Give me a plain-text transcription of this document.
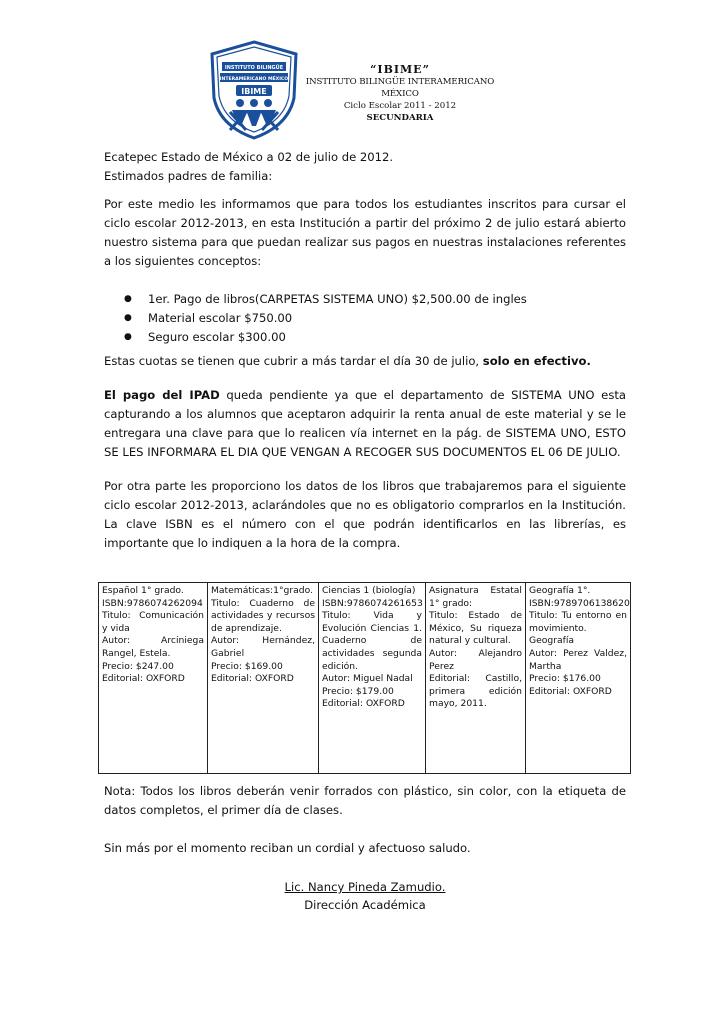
INSTITUTO BILINGÜE
INTERAMERICANO MÉXICO
IBIME
“IBIME”
INSTITUTO BILINGÜE INTERAMERICANO MÉXICO
Ciclo Escolar 2011 - 2012
SECUNDARIA
Ecatepec Estado de México a 02 de julio de 2012.
Estimados padres de familia:

Por este medio les informamos que para todos los estudiantes inscritos para cursar el ciclo escolar 2012-2013, en esta Institución a partir del próximo 2 de julio estará abierto nuestro sistema para que puedan realizar sus pagos en nuestras instalaciones referentes a los siguientes conceptos:

● 1er. Pago de libros(CARPETAS SISTEMA UNO) $2,500.00 de ingles
● Material escolar $750.00
● Seguro escolar $300.00

Estas cuotas se tienen que cubrir a más tardar el día 30 de julio, solo en efectivo.

El pago del IPAD queda pendiente ya que el departamento de SISTEMA UNO esta capturando a los alumnos que aceptaron adquirir la renta anual de este material y se le entregara una clave para que lo realicen vía internet en la pág. de SISTEMA UNO, ESTO SE LES INFORMARA EL DIA QUE VENGAN A RECOGER SUS DOCUMENTOS EL 06 DE JULIO.

Por otra parte les proporciono los datos de los libros que trabajaremos para el siguiente ciclo escolar 2012-2013, aclarándoles que no es obligatorio comprarlos en la Institución. La clave ISBN es el número con el que podrán identificarlos en las librerías, es importante que lo indiquen a la hora de la compra.

Español 1° grado.
ISBN:9786074262094
Titulo: Comunicación y vida
Autor: Arciniega Rangel, Estela.
Precio: $247.00
Editorial: OXFORD

Matemáticas:1°grado.
Titulo: Cuaderno de actividades y recursos de aprendizaje.
Autor: Hernández, Gabriel
Precio: $169.00
Editorial: OXFORD

Ciencias 1 (biología)
ISBN:9786074261653
Titulo: Vida y Evolución Ciencias 1. Cuaderno de actividades segunda edición.
Autor: Miguel Nadal
Precio: $179.00
Editorial: OXFORD

Asignatura Estatal 1° grado:
Titulo: Estado de México, Su riqueza natural y cultural.
Autor: Alejandro Perez
Editorial: Castillo, primera edición mayo, 2011.

Geografía 1°.
ISBN:9789706138620
Titulo: Tu entorno en movimiento. Geografía
Autor: Perez Valdez, Martha
Precio: $176.00
Editorial: OXFORD

Nota: Todos los libros deberán venir forrados con plástico, sin color, con la etiqueta de datos completos, el primer día de clases.

Sin más por el momento reciban un cordial y afectuoso saludo.

Lic. Nancy Pineda Zamudio.
Dirección Académica
